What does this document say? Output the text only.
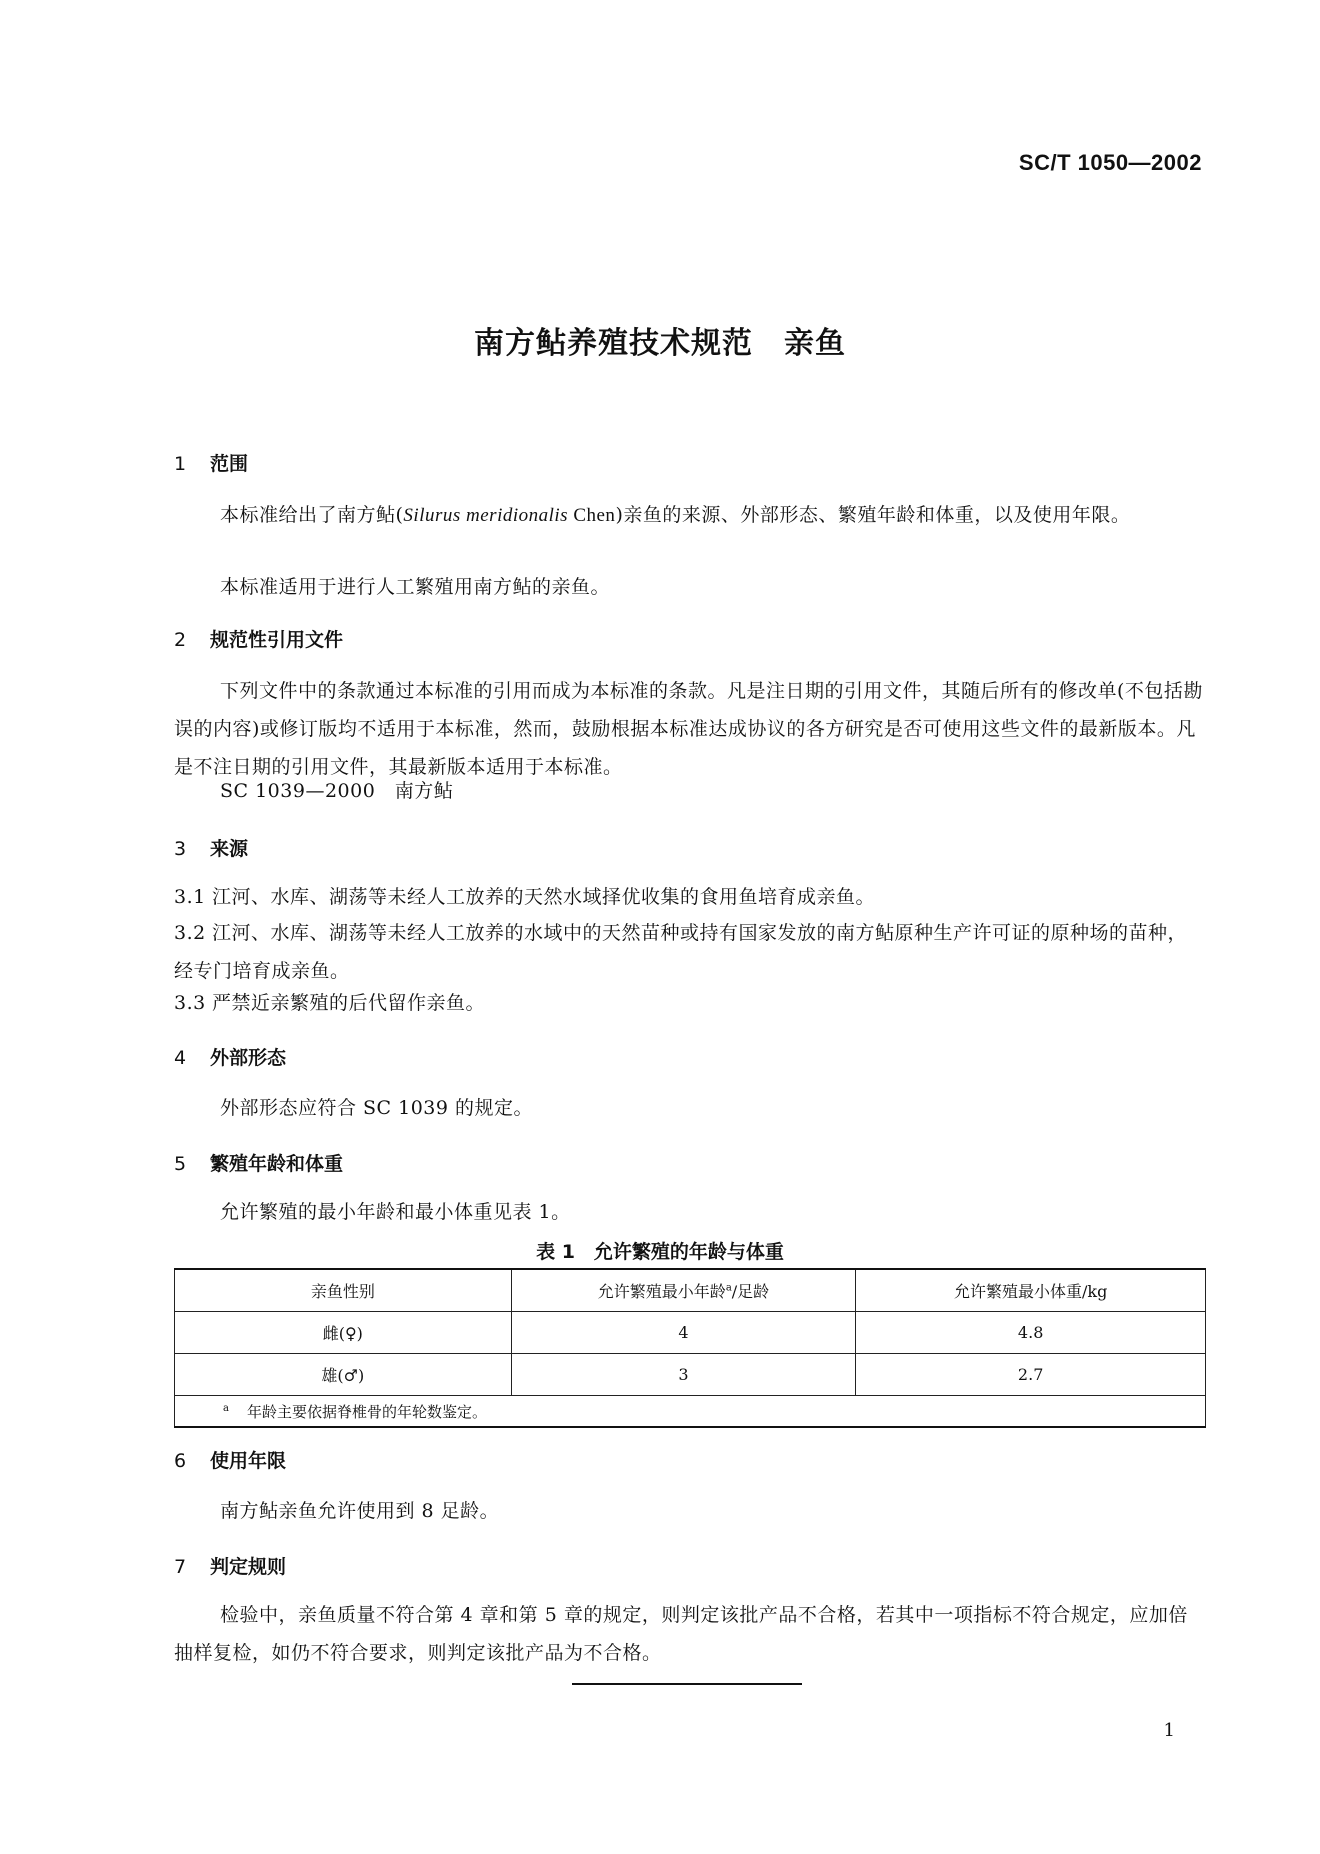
SC/T 1050—2002
南方鲇养殖技术规范　亲鱼
1 范围
本标准给出了南方鲇(Silurus meridionalis Chen)亲鱼的来源、外部形态、繁殖年龄和体重，以及使用年限。
本标准适用于进行人工繁殖用南方鲇的亲鱼。
2 规范性引用文件
下列文件中的条款通过本标准的引用而成为本标准的条款。凡是注日期的引用文件，其随后所有的修改单(不包括勘误的内容)或修订版均不适用于本标准，然而，鼓励根据本标准达成协议的各方研究是否可使用这些文件的最新版本。凡是不注日期的引用文件，其最新版本适用于本标准。
SC 1039—2000　南方鲇
3 来源
3.1 江河、水库、湖荡等未经人工放养的天然水域择优收集的食用鱼培育成亲鱼。
3.2 江河、水库、湖荡等未经人工放养的水域中的天然苗种或持有国家发放的南方鲇原种生产许可证的原种场的苗种，经专门培育成亲鱼。
3.3 严禁近亲繁殖的后代留作亲鱼。
4 外部形态
外部形态应符合 SC 1039 的规定。
5 繁殖年龄和体重
允许繁殖的最小年龄和最小体重见表 1。
表 1　允许繁殖的年龄与体重
亲鱼性别	允许繁殖最小年龄$^a$/足龄	允许繁殖最小体重/kg
雌(♀)	4	4.8
雄(♂)	3	2.7
$^a$ 年龄主要依据脊椎骨的年轮数鉴定。		
6 使用年限
南方鲇亲鱼允许使用到 8 足龄。
7 判定规则
检验中，亲鱼质量不符合第 4 章和第 5 章的规定，则判定该批产品不合格，若其中一项指标不符合规定，应加倍抽样复检，如仍不符合要求，则判定该批产品为不合格。
1
